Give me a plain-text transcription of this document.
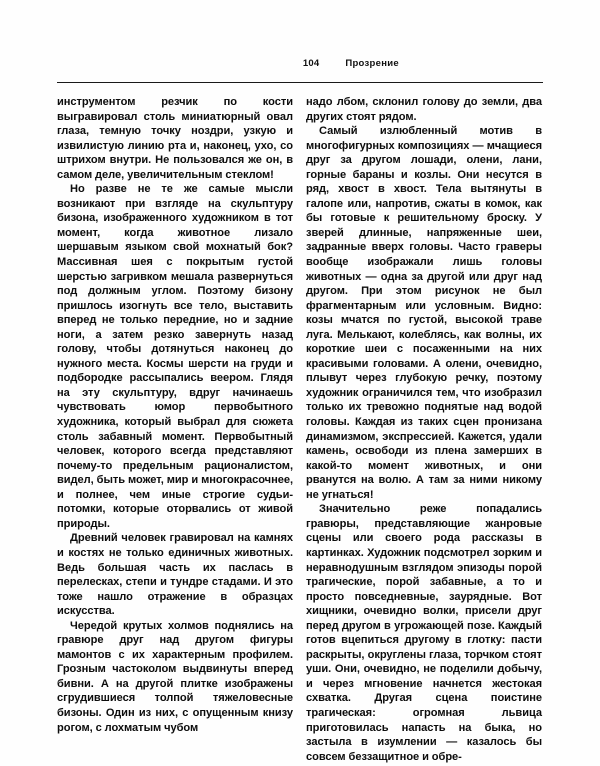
104	Прозрение

инструментом резчик по кости выгравировал столь миниатюрный овал глаза, темную точку ноздри, узкую и извилистую линию рта и, наконец, ухо, со штрихом внутри. Не пользовался же он, в самом деле, увеличительным стеклом!

Но разве не те же самые мысли возникают при взгляде на скульптуру бизона, изображенного художником в тот момент, когда животное лизало шершавым языком свой мохнатый бок? Массивная шея с покрытым густой шерстью загривком мешала развернуться под должным углом. Поэтому бизону пришлось изогнуть все тело, выставить вперед не только передние, но и задние ноги, а затем резко завернуть назад голову, чтобы дотянуться наконец до нужного места. Космы шерсти на груди и подбородке рассыпались веером. Глядя на эту скульптуру, вдруг начинаешь чувствовать юмор первобытного художника, который выбрал для сюжета столь забавный момент. Первобытный человек, которого всегда представляют почему-то предельным рационалистом, видел, быть может, мир и многокрасочнее, и полнее, чем иные строгие судьи-потомки, которые оторвались от живой природы.

Древний человек гравировал на камнях и костях не только единичных животных. Ведь большая часть их паслась в перелесках, степи и тундре стадами. И это тоже нашло отражение в образцах искусства.

Чередой крутых холмов поднялись на гравюре друг над другом фигуры мамонтов с их характерным профилем. Грозным частоколом выдвинуты вперед бивни. А на другой плитке изображены сгрудившиеся толпой тяжеловесные бизоны. Один из них, с опущенным книзу рогом, с лохматым чубом

надо лбом, склонил голову до земли, два других стоят рядом.

Самый излюбленный мотив в многофигурных композициях — мчащиеся друг за другом лошади, олени, лани, горные бараны и козлы. Они несутся в ряд, хвост в хвост. Тела вытянуты в галопе или, напротив, сжаты в комок, как бы готовые к решительному броску. У зверей длинные, напряженные шеи, задранные вверх головы. Часто граверы вообще изображали лишь головы животных — одна за другой или друг над другом. При этом рисунок не был фрагментарным или условным. Видно: козы мчатся по густой, высокой траве луга. Мелькают, колеблясь, как волны, их короткие шеи с посаженными на них красивыми головами. А олени, очевидно, плывут через глубокую речку, поэтому художник ограничился тем, что изобразил только их тревожно поднятые над водой головы. Каждая из таких сцен пронизана динамизмом, экспрессией. Кажется, удали камень, освободи из плена замерших в какой-то момент животных, и они рванутся на волю. А там за ними никому не угнаться!

Значительно реже попадались гравюры, представляющие жанровые сцены или своего рода рассказы в картинках. Художник подсмотрел зорким и неравнодушным взглядом эпизоды порой трагические, порой забавные, а то и просто повседневные, заурядные. Вот хищники, очевидно волки, присели друг перед другом в угрожающей позе. Каждый готов вцепиться другому в глотку: пасти раскрыты, округлены глаза, торчком стоят уши. Они, очевидно, не поделили добычу, и через мгновение начнется жестокая схватка. Другая сцена поистине трагическая: огромная львица приготовилась напасть на быка, но застыла в изумлении — казалось бы совсем беззащитное и обре-
